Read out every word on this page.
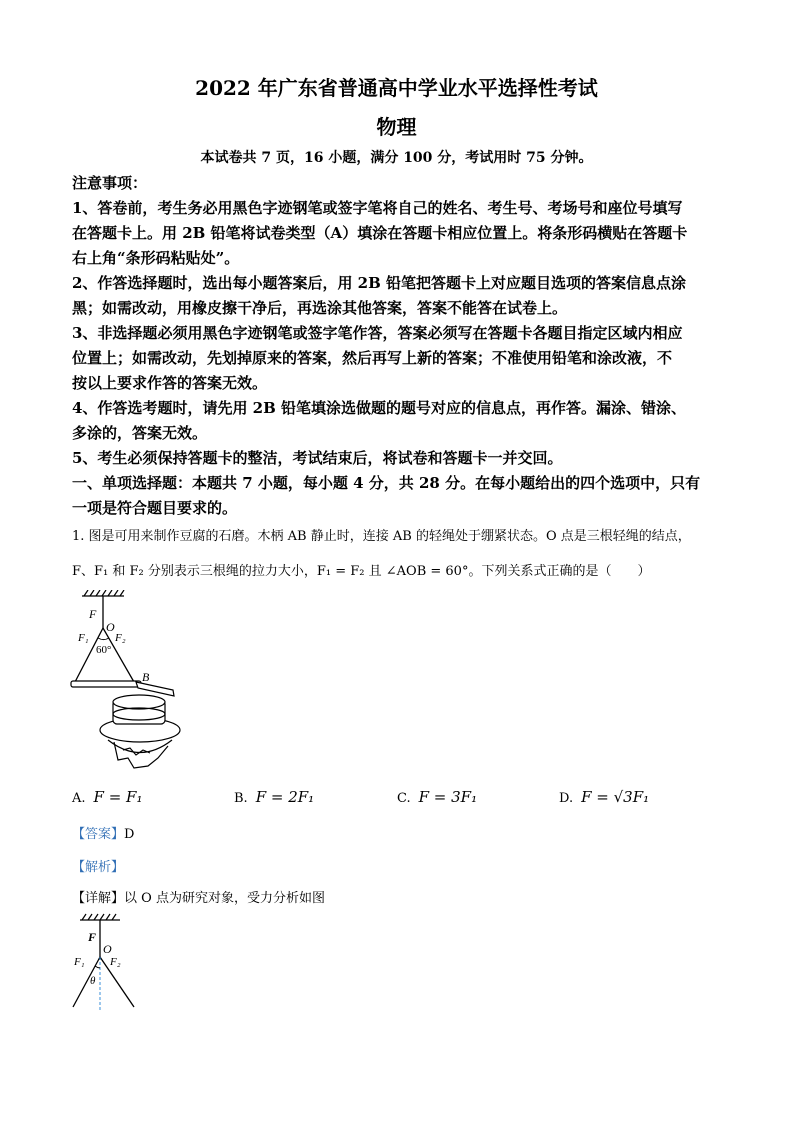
2022 年广东省普通高中学业水平选择性考试
物理
本试卷共 7 页，16 小题，满分 100 分，考试用时 75 分钟。
注意事项：
1、答卷前，考生务必用黑色字迹钢笔或签字笔将自己的姓名、考生号、考场号和座位号填写
在答题卡上。用 2B 铅笔将试卷类型（A）填涂在答题卡相应位置上。将条形码横贴在答题卡
右上角“条形码粘贴处”。
2、作答选择题时，选出每小题答案后，用 2B 铅笔把答题卡上对应题目选项的答案信息点涂
黑；如需改动，用橡皮擦干净后，再选涂其他答案，答案不能答在试卷上。
3、非选择题必须用黑色字迹钢笔或签字笔作答，答案必须写在答题卡各题目指定区域内相应
位置上；如需改动，先划掉原来的答案，然后再写上新的答案；不准使用铅笔和涂改液，不
按以上要求作答的答案无效。
4、作答选考题时，请先用 2B 铅笔填涂选做题的题号对应的信息点，再作答。漏涂、错涂、
多涂的，答案无效。
5、考生必须保持答题卡的整洁，考试结束后，将试卷和答题卡一并交回。
一、单项选择题：本题共 7 小题，每小题 4 分，共 28 分。在每小题给出的四个选项中，只有
一项是符合题目要求的。
1. 图是可用来制作豆腐的石磨。木柄 AB 静止时，连接 AB 的轻绳处于绷紧状态。O 点是三根轻绳的结点，
F、F₁ 和 F₂ 分别表示三根绳的拉力大小，F₁ = F₂ 且 ∠AOB = 60°。下列关系式正确的是（　　）
F
O
F₁ F₂
60°
B
A. F = F₁	B. F = 2F₁	C. F = 3F₁	D. F = √3F₁
【答案】D
【解析】
【详解】以 O 点为研究对象，受力分析如图
F
O
F₁ F₂
θ
